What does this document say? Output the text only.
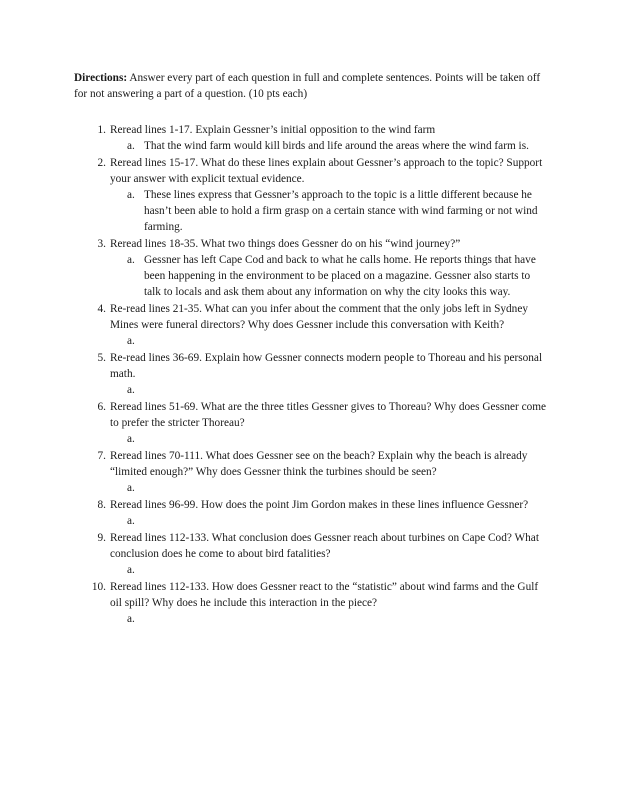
Directions: Answer every part of each question in full and complete sentences. Points will be taken off for not answering a part of a question. (10 pts each)
1. Reread lines 1-17. Explain Gessner’s initial opposition to the wind farm
a. That the wind farm would kill birds and life around the areas where the wind farm is.
2. Reread lines 15-17. What do these lines explain about Gessner’s approach to the topic? Support your answer with explicit textual evidence.
a. These lines express that Gessner’s approach to the topic is a little different because he hasn’t been able to hold a firm grasp on a certain stance with wind farming or not wind farming.
3. Reread lines 18-35. What two things does Gessner do on his “wind journey?”
a. Gessner has left Cape Cod and back to what he calls home. He reports things that have been happening in the environment to be placed on a magazine. Gessner also starts to talk to locals and ask them about any information on why the city looks this way.
4. Re-read lines 21-35. What can you infer about the comment that the only jobs left in Sydney Mines were funeral directors? Why does Gessner include this conversation with Keith?
a.
5. Re-read lines 36-69. Explain how Gessner connects modern people to Thoreau and his personal math.
a.
6. Reread lines 51-69. What are the three titles Gessner gives to Thoreau? Why does Gessner come to prefer the stricter Thoreau?
a.
7. Reread lines 70-111. What does Gessner see on the beach? Explain why the beach is already “limited enough?” Why does Gessner think the turbines should be seen?
a.
8. Reread lines 96-99. How does the point Jim Gordon makes in these lines influence Gessner?
a.
9. Reread lines 112-133. What conclusion does Gessner reach about turbines on Cape Cod? What conclusion does he come to about bird fatalities?
a.
10. Reread lines 112-133. How does Gessner react to the “statistic” about wind farms and the Gulf oil spill? Why does he include this interaction in the piece?
a.
